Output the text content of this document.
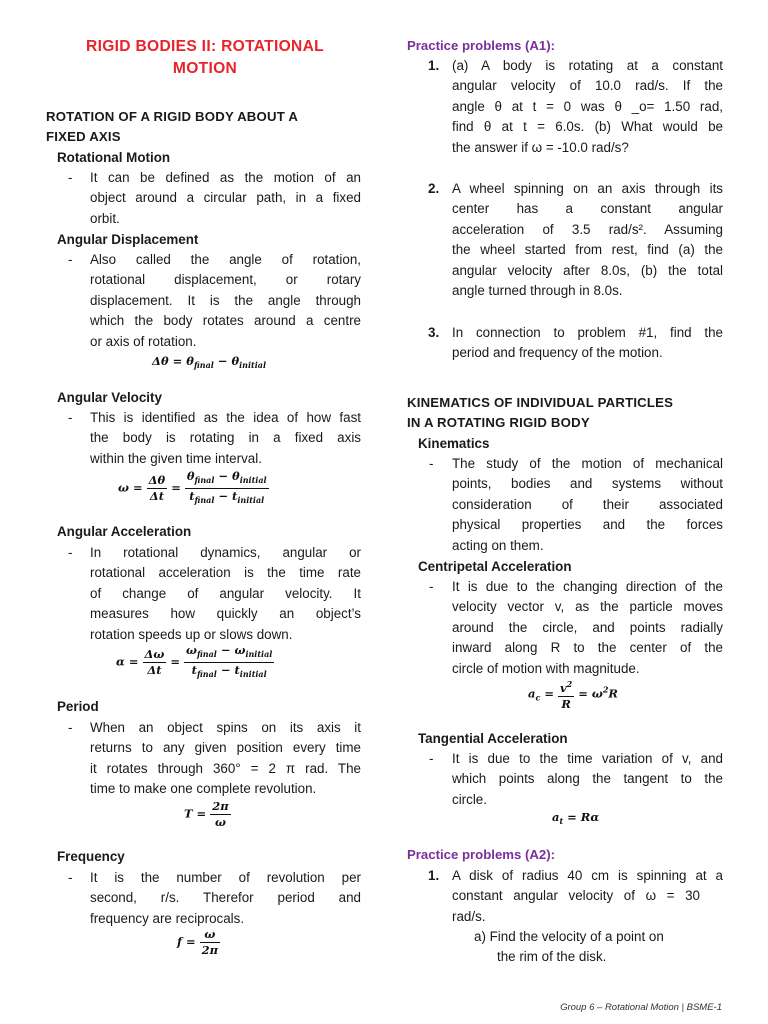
RIGID BODIES II: ROTATIONAL
MOTION
ROTATION OF A RIGID BODY ABOUT A
FIXED AXIS
Rotational Motion
- It can be defined as the motion of an
object around a circular path, in a fixed
orbit.
Angular Displacement
- Also called the angle of rotation,
rotational displacement, or rotary
displacement. It is the angle through
which the body rotates around a centre
or axis of rotation.
$\Delta\theta = \theta_{final} - \theta_{initial}$
Angular Velocity
- This is identified as the idea of how fast
the body is rotating in a fixed axis
within the given time interval.
$\omega = \frac{\Delta\theta}{\Delta t} = \frac{\theta_{final} - \theta_{initial}}{t_{final} - t_{initial}}$
Angular Acceleration
- In rotational dynamics, angular or
rotational acceleration is the time rate
of change of angular velocity. It
measures how quickly an object’s
rotation speeds up or slows down.
$\alpha = \frac{\Delta\omega}{\Delta t} = \frac{\omega_{final} - \omega_{initial}}{t_{final} - t_{initial}}$
Period
- When an object spins on its axis it
returns to any given position every time
it rotates through 360° = 2 π rad. The
time to make one complete revolution.
$T = \frac{2\pi}{\omega}$
Frequency
- It is the number of revolution per
second, r/s. Therefor period and
frequency are reciprocals.
$f = \frac{\omega}{2\pi}$
Practice problems (A1):
1. (a) A body is rotating at a constant
angular velocity of 10.0 rad/s. If the
angle θ at t = 0 was θ _o= 1.50 rad,
find θ at t = 6.0s. (b) What would be
the answer if ω = -10.0 rad/s?
2. A wheel spinning on an axis through its
center has a constant angular
acceleration of 3.5 rad/s². Assuming
the wheel started from rest, find (a) the
angular velocity after 8.0s, (b) the total
angle turned through in 8.0s.
3. In connection to problem #1, find the
period and frequency of the motion.
KINEMATICS OF INDIVIDUAL PARTICLES
IN A ROTATING RIGID BODY
Kinematics
- The study of the motion of mechanical
points, bodies and systems without
consideration of their associated
physical properties and the forces
acting on them.
Centripetal Acceleration
- It is due to the changing direction of the
velocity vector v, as the particle moves
around the circle, and points radially
inward along R to the center of the
circle of motion with magnitude.
$a_c = \frac{v^2}{R} = \omega^2R$
Tangential Acceleration
- It is due to the time variation of v, and
which points along the tangent to the
circle.
$a_t = R\alpha$
Practice problems (A2):
1. A disk of radius 40 cm is spinning at a
constant angular velocity of ω = 30
rad/s.
a) Find the velocity of a point on
the rim of the disk.
Group 6 – Rotational Motion | BSME-1
